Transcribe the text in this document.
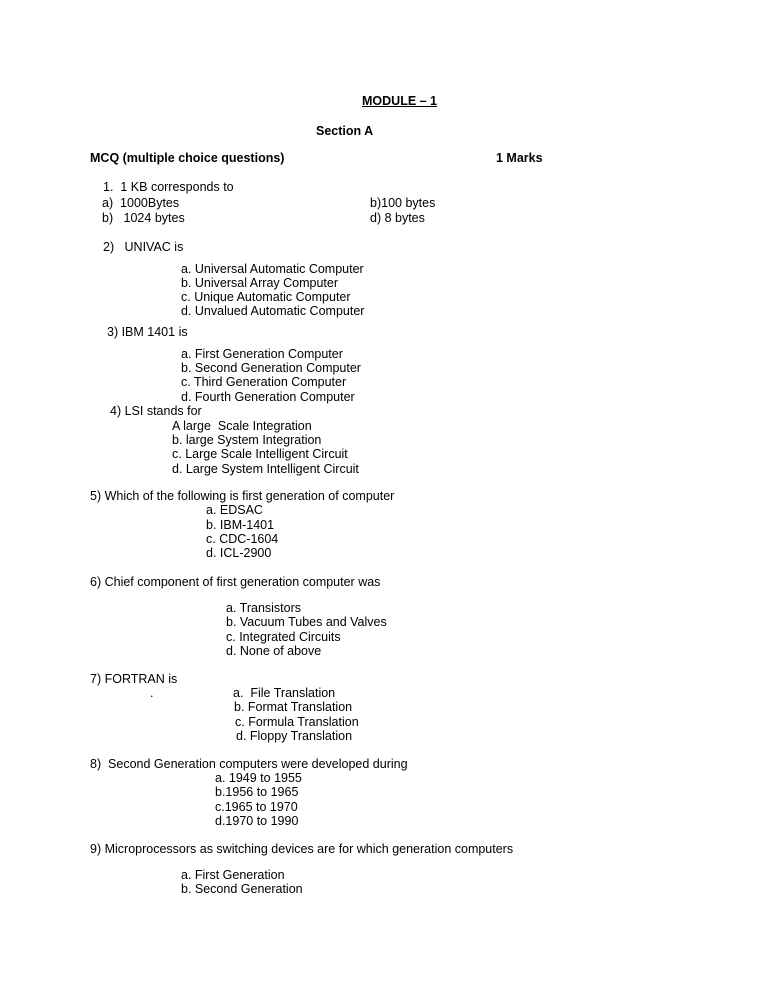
MODULE – 1
Section A
MCQ (multiple choice questions)	1 Marks
1.  1 KB corresponds to
a)  1000Bytes
b)   1024 bytes
b)100 bytes
d) 8 bytes
2)   UNIVAC is
a. Universal Automatic Computer
b. Universal Array Computer
c. Unique Automatic Computer
d. Unvalued Automatic Computer
3) IBM 1401 is
a. First Generation Computer
b. Second Generation Computer
c. Third Generation Computer
d. Fourth Generation Computer
4) LSI stands for
A large  Scale Integration
b. large System Integration
c. Large Scale Intelligent Circuit
d. Large System Intelligent Circuit
5) Which of the following is first generation of computer
a. EDSAC
b. IBM-1401
c. CDC-1604
d. ICL-2900
6) Chief component of first generation computer was
a. Transistors
b. Vacuum Tubes and Valves
c. Integrated Circuits
d. None of above
7) FORTRAN is
.	a.  File Translation
b. Format Translation
c. Formula Translation
d. Floppy Translation
8)  Second Generation computers were developed during
a. 1949 to 1955
b.1956 to 1965
c.1965 to 1970
d.1970 to 1990
9) Microprocessors as switching devices are for which generation computers
a. First Generation
b. Second Generation
